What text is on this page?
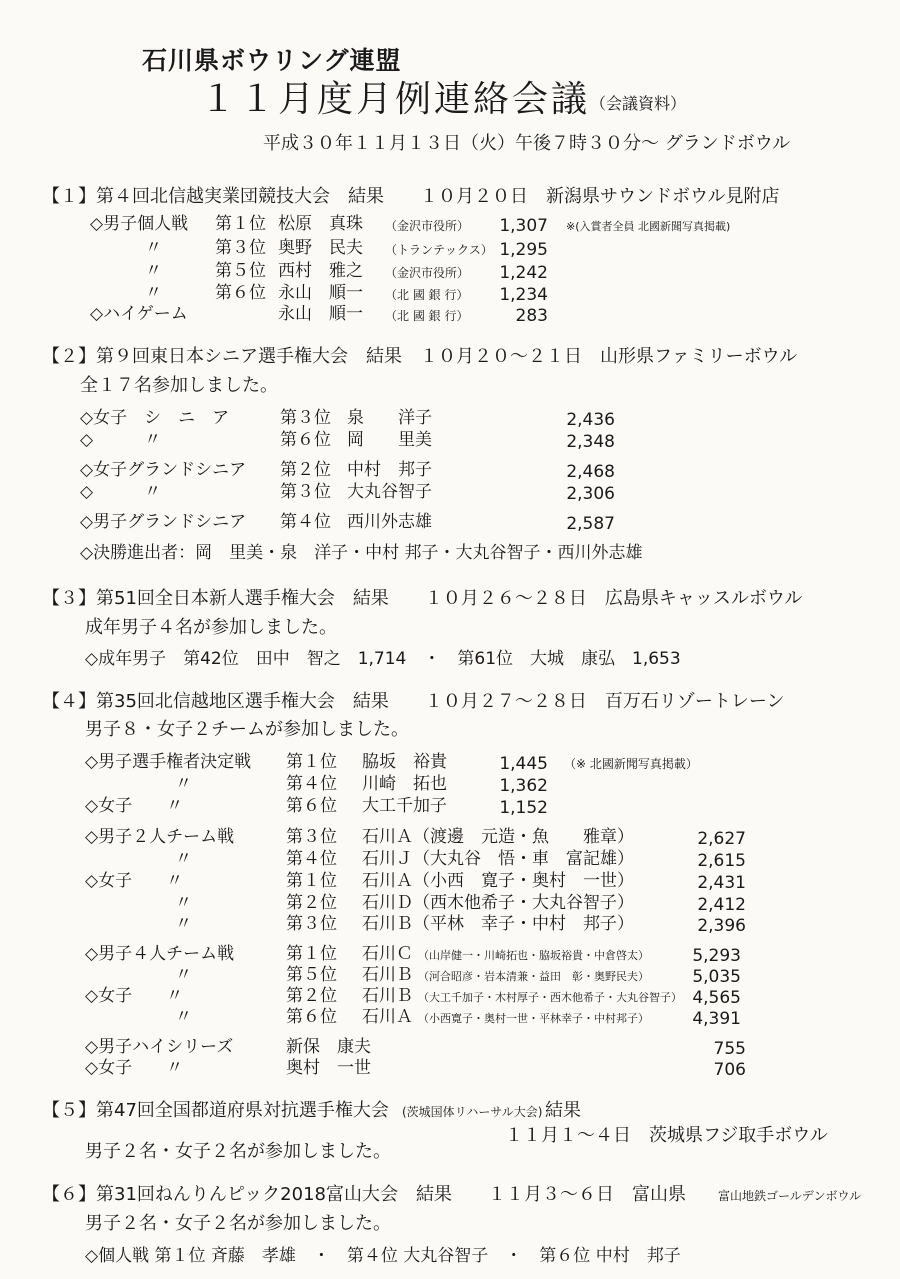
石川県ボウリング連盟
１１月度月例連絡会議 （会議資料）
平成３０年１１月１３日（火）午後７時３０分～ グランドボウル
【１】第４回北信越実業団競技大会　結果　　１０月２０日　新潟県サウンドボウル見附店
◇男子個人戦 第１位 松原　真珠 （金沢市役所）	1,307 ※(入賞者全員 北國新聞写真掲載)
〃	第３位 奥野　民夫 （トランテックス） 1,295
〃	第５位 西村　雅之 （金沢市役所）	1,242
〃	第６位 永山　順一 （北 國 銀 行）	1,234
◇ハイゲーム	永山　順一 （北 國 銀 行）	283
【２】第９回東日本シニア選手権大会　結果　１０月２０～２１日　山形県ファミリーボウル
全１７名参加しました。
◇女子　シ　ニ　ア	第３位 泉　　洋子	2,436
◇　　　〃	第６位 岡　　里美	2,348
◇女子グランドシニア 第２位 中村　邦子	2,468
◇　　　〃	第３位 大丸谷智子	2,306
◇男子グランドシニア 第４位 西川外志雄	2,587
◇決勝進出者：岡　里美・泉　洋子・中村 邦子・大丸谷智子・西川外志雄
【３】第51回全日本新人選手権大会　結果　　１０月２６～２８日　広島県キャッスルボウル
成年男子４名が参加しました。
◇成年男子　第42位　田中　智之　1,714　・　第61位　大城　康弘　1,653
【４】第35回北信越地区選手権大会　結果　　１０月２７～２８日　百万石リゾートレーン
男子８・女子２チームが参加しました。
◇男子選手権者決定戦 第１位 脇坂　裕貴	1,445 （※ 北國新聞写真掲載）
〃	第４位 川崎　拓也	1,362
◇女子　　〃	第６位 大工千加子	1,152
◇男子２人チーム戦	第３位 石川Ａ（渡邊　元造・魚　　雅章）	2,627
〃	第４位 石川Ｊ（大丸谷　悟・車　富記雄）	2,615
◇女子　　〃	第１位 石川Ａ（小西　寛子・奥村　一世）	2,431
〃	第２位 石川Ｄ（西木他希子・大丸谷智子）	2,412
〃	第３位 石川Ｂ（平林　幸子・中村　邦子）	2,396
◇男子４人チーム戦	第１位 石川Ｃ （山岸健一・川崎拓也・脇坂裕貴・中倉啓太）	5,293
〃	第５位 石川Ｂ （河合昭彦・岩本清兼・益田　彰・奥野民夫）	5,035
◇女子　　〃	第２位 石川Ｂ （大工千加子・木村厚子・西木他希子・大丸谷智子） 4,565
〃	第６位 石川Ａ （小西寛子・奥村一世・平林幸子・中村邦子）	4,391
◇男子ハイシリーズ	新保　康夫	755
◇女子　　〃	奥村　一世	706
【５】第47回全国都道府県対抗選手権大会 (茨城国体リハーサル大会) 結果
１１月１～４日　茨城県フジ取手ボウル
男子２名・女子２名が参加しました。
【６】第31回ねんりんピック2018富山大会　結果　　１１月３～６日　富山県	富山地鉄ゴールデンボウル
男子２名・女子２名が参加しました。
◇個人戦 第１位 斉藤　孝雄　・　第４位 大丸谷智子　・　第６位 中村　邦子
